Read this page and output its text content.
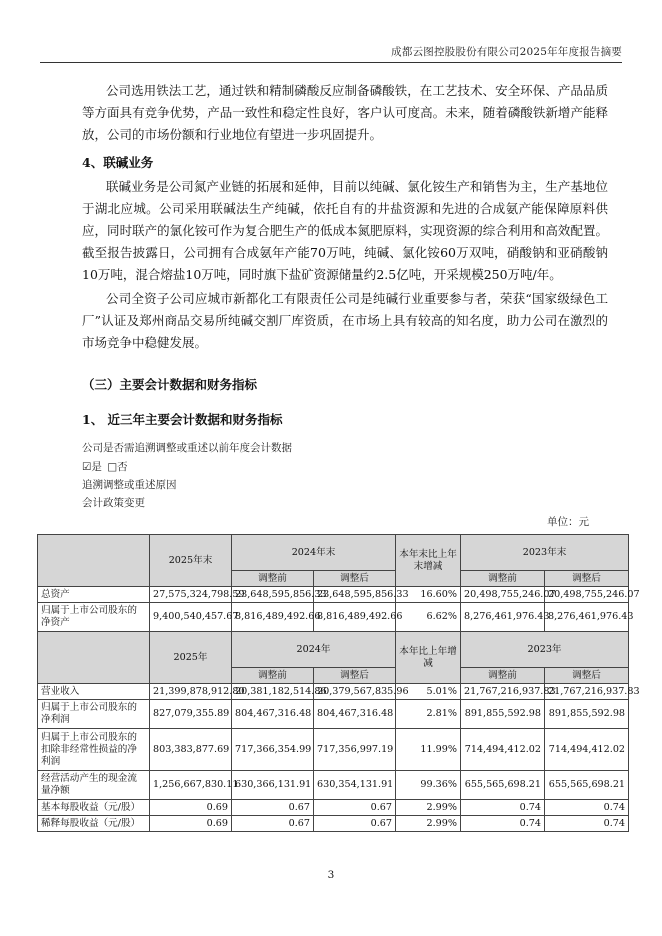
成都云图控股股份有限公司2025年年度报告摘要
公司选用铁法工艺，通过铁和精制磷酸反应制备磷酸铁，在工艺技术、安全环保、产品品质等方面具有竞争优势，产品一致性和稳定性良好，客户认可度高。未来，随着磷酸铁新增产能释放，公司的市场份额和行业地位有望进一步巩固提升。
4、联碱业务
联碱业务是公司氮产业链的拓展和延伸，目前以纯碱、氯化铵生产和销售为主，生产基地位于湖北应城。公司采用联碱法生产纯碱，依托自有的井盐资源和先进的合成氨产能保障原料供应，同时联产的氯化铵可作为复合肥生产的低成本氮肥原料，实现资源的综合利用和高效配置。截至报告披露日，公司拥有合成氨年产能70万吨，纯碱、氯化铵60万双吨，硝酸钠和亚硝酸钠10万吨，混合熔盐10万吨，同时旗下盐矿资源储量约2.5亿吨，开采规模250万吨/年。
公司全资子公司应城市新都化工有限责任公司是纯碱行业重要参与者，荣获“国家级绿色工厂”认证及郑州商品交易所纯碱交割厂库资质，在市场上具有较高的知名度，助力公司在激烈的市场竞争中稳健发展。
（三）主要会计数据和财务指标
1、 近三年主要会计数据和财务指标
公司是否需追溯调整或重述以前年度会计数据
☑是 □否
追溯调整或重述原因
会计政策变更
单位：元
	2025年末	2024年末		本年末比上年末增减	2023年末	
		调整前	调整后		调整前	调整后
总资产	27,575,324,798.59	23,648,595,856.33	23,648,595,856.33	16.60%	20,498,755,246.07	20,498,755,246.07
归属于上市公司股东的净资产	9,400,540,457.67	8,816,489,492.66	8,816,489,492.66	6.62%	8,276,461,976.43	8,276,461,976.43
	2025年	2024年		本年比上年增减	2023年	
		调整前	调整后		调整前	调整后
营业收入	21,399,878,912.80	20,381,182,514.86	20,379,567,835.96	5.01%	21,767,216,937.83	21,767,216,937.83
归属于上市公司股东的净利润	827,079,355.89	804,467,316.48	804,467,316.48	2.81%	891,855,592.98	891,855,592.98
归属于上市公司股东的扣除非经常性损益的净利润	803,383,877.69	717,366,354.99	717,356,997.19	11.99%	714,494,412.02	714,494,412.02
经营活动产生的现金流量净额	1,256,667,830.11	630,366,131.91	630,354,131.91	99.36%	655,565,698.21	655,565,698.21
基本每股收益（元/股）	0.69	0.67	0.67	2.99%	0.74	0.74
稀释每股收益（元/股）	0.69	0.67	0.67	2.99%	0.74	0.74
3
